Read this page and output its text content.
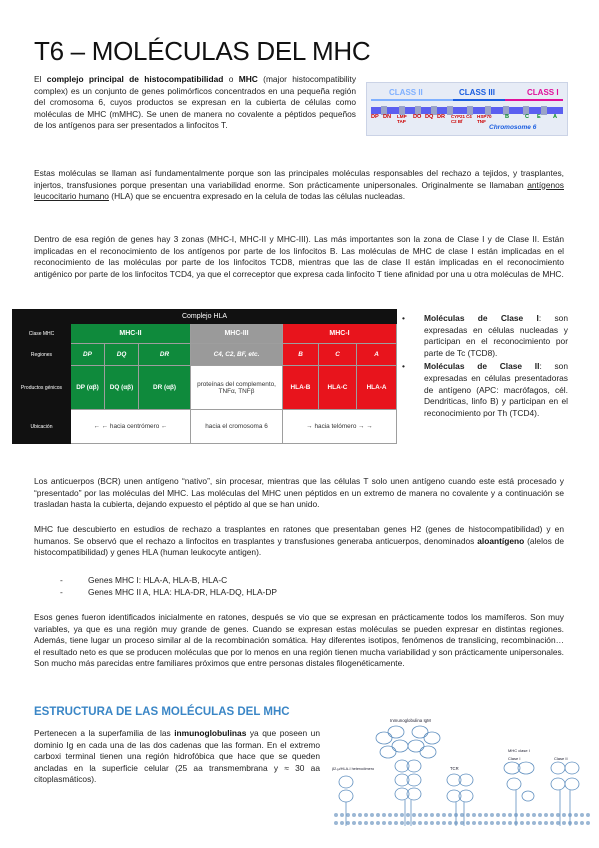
T6 – MOLÉCULAS DEL MHC
El complejo principal de histocompatibilidad o MHC (major histocompatibility complex) es un conjunto de genes polimórficos concentrados en una pequeña región del cromosoma 6, cuyos productos se expresan en la cubierta de células como moléculas de MHC (mMHC). Se unen de manera no covalente a péptidos pequeños de los antígenos para ser presentados a linfocitos T.
CLASS II	CLASS III	CLASS I
DP DN LMP TAP
DO DQ DR CYP21 C4 C2 Bf
HSP70 TNF
B	C E A
Chromosome 6
Estas moléculas se llaman así fundamentalmente porque son las principales moléculas responsables del rechazo a tejidos, y trasplantes, injertos, transfusiones porque presentan una variabilidad enorme. Son prácticamente unipersonales. Originalmente se llamaban antígenos leucocitario humano (HLA) que se encuentra expresado en la celula de todas las células nucleadas.
Dentro de esa región de genes hay 3 zonas (MHC-I, MHC-II y MHC-III). Las más importantes son la zona de Clase I y de Clase II. Están implicadas en el reconocimiento de los antígenos por parte de los linfocitos B. Las moléculas de MHC de clase I están implicadas en el reconocimiento de las moléculas por parte de los linfocitos TCD8, mientras que las de clase II están implicadas en el reconocimiento antigénico por parte de los linfocitos TCD4, ya que el correceptor que expresa cada linfocito T tiene afinidad por una u otra moléculas de MHC.
Complejo HLA							
Clase MHC	MHC-II			MHC-III	MHC-I		
Regiones	DP	DQ	DR	C4, C2, BF, etc.	B	C	A
Productos génicos	DP (αβ)	DQ (αβ)	DR (αβ)	proteínas del complemento, TNFα, TNFβ	HLA-B	HLA-C	HLA-A
Ubicación	← ← hacia centrómero ←			hacia el cromosoma 6	→ hacia telómero → →		
• Moléculas de Clase I: son expresadas en células nucleadas y participan en el reconocimiento por parte de Tc (TCD8).
• Moléculas de Clase II: son expresadas en células presentadoras de antígeno (APC: macrófagos, cél. Dendriticas, linfo B) y participan en el reconocimiento por Th (TCD4).
Los anticuerpos (BCR) unen antígeno “nativo”, sin procesar, mientras que las células T solo unen antígeno cuando este está procesado y “presentado” por las moléculas del MHC. Las moléculas del MHC unen péptidos en un extremo de manera no covalente y a continuación se trasladan hasta la cubierta, dejando expuesto el péptido al que se han unido.
MHC fue descubierto en estudios de rechazo a trasplantes en ratones que presentaban genes H2 (genes de histocompatibilidad) y en humanos. Se observó que el rechazo a linfocitos en trasplantes y transfusiones generaba anticuerpos, denominados aloantígeno (alelos de histocompatibilidad) y genes HLA (human leukocyte antigen).
-	Genes MHC I: HLA-A, HLA-B, HLA-C
-	Genes MHC II A, HLA: HLA-DR, HLA-DQ, HLA-DP
Esos genes fueron identificados inicialmente en ratones, después se vio que se expresan en prácticamente todos los mamíferos. Son muy variables, ya que es una región muy grande de genes. Cuando se expresan estas moléculas se pueden expresar en distintas regiones. Además, tiene lugar un proceso similar al de la recombinación somática. Hay diferentes isotipos, fenómenos de translicing, recombinación… el resultado neto es que se producen moléculas que por lo menos en una región tienen mucha variabilidad y son prácticamente unipersonales. Son mucho más parecidas entre familiares próximos que entre personas distales filogenéticamente.
ESTRUCTURA DE LAS MOLÉCULAS DEL MHC
Pertenecen a la superfamilia de las inmunoglobulinas ya que poseen un dominio Ig en cada una de las dos cadenas que las forman. En el extremo carboxi terminal tienen una región hidrofóbica que hace que se queden ancladas en la superficie celular (25 aa transmembrana y ≈ 30 aa citoplasmáticos).
Inmunoglobulina IgM
β2-µ/HLA-I heterodímero	TCR
MHC clase I
Clase I	Clase II
